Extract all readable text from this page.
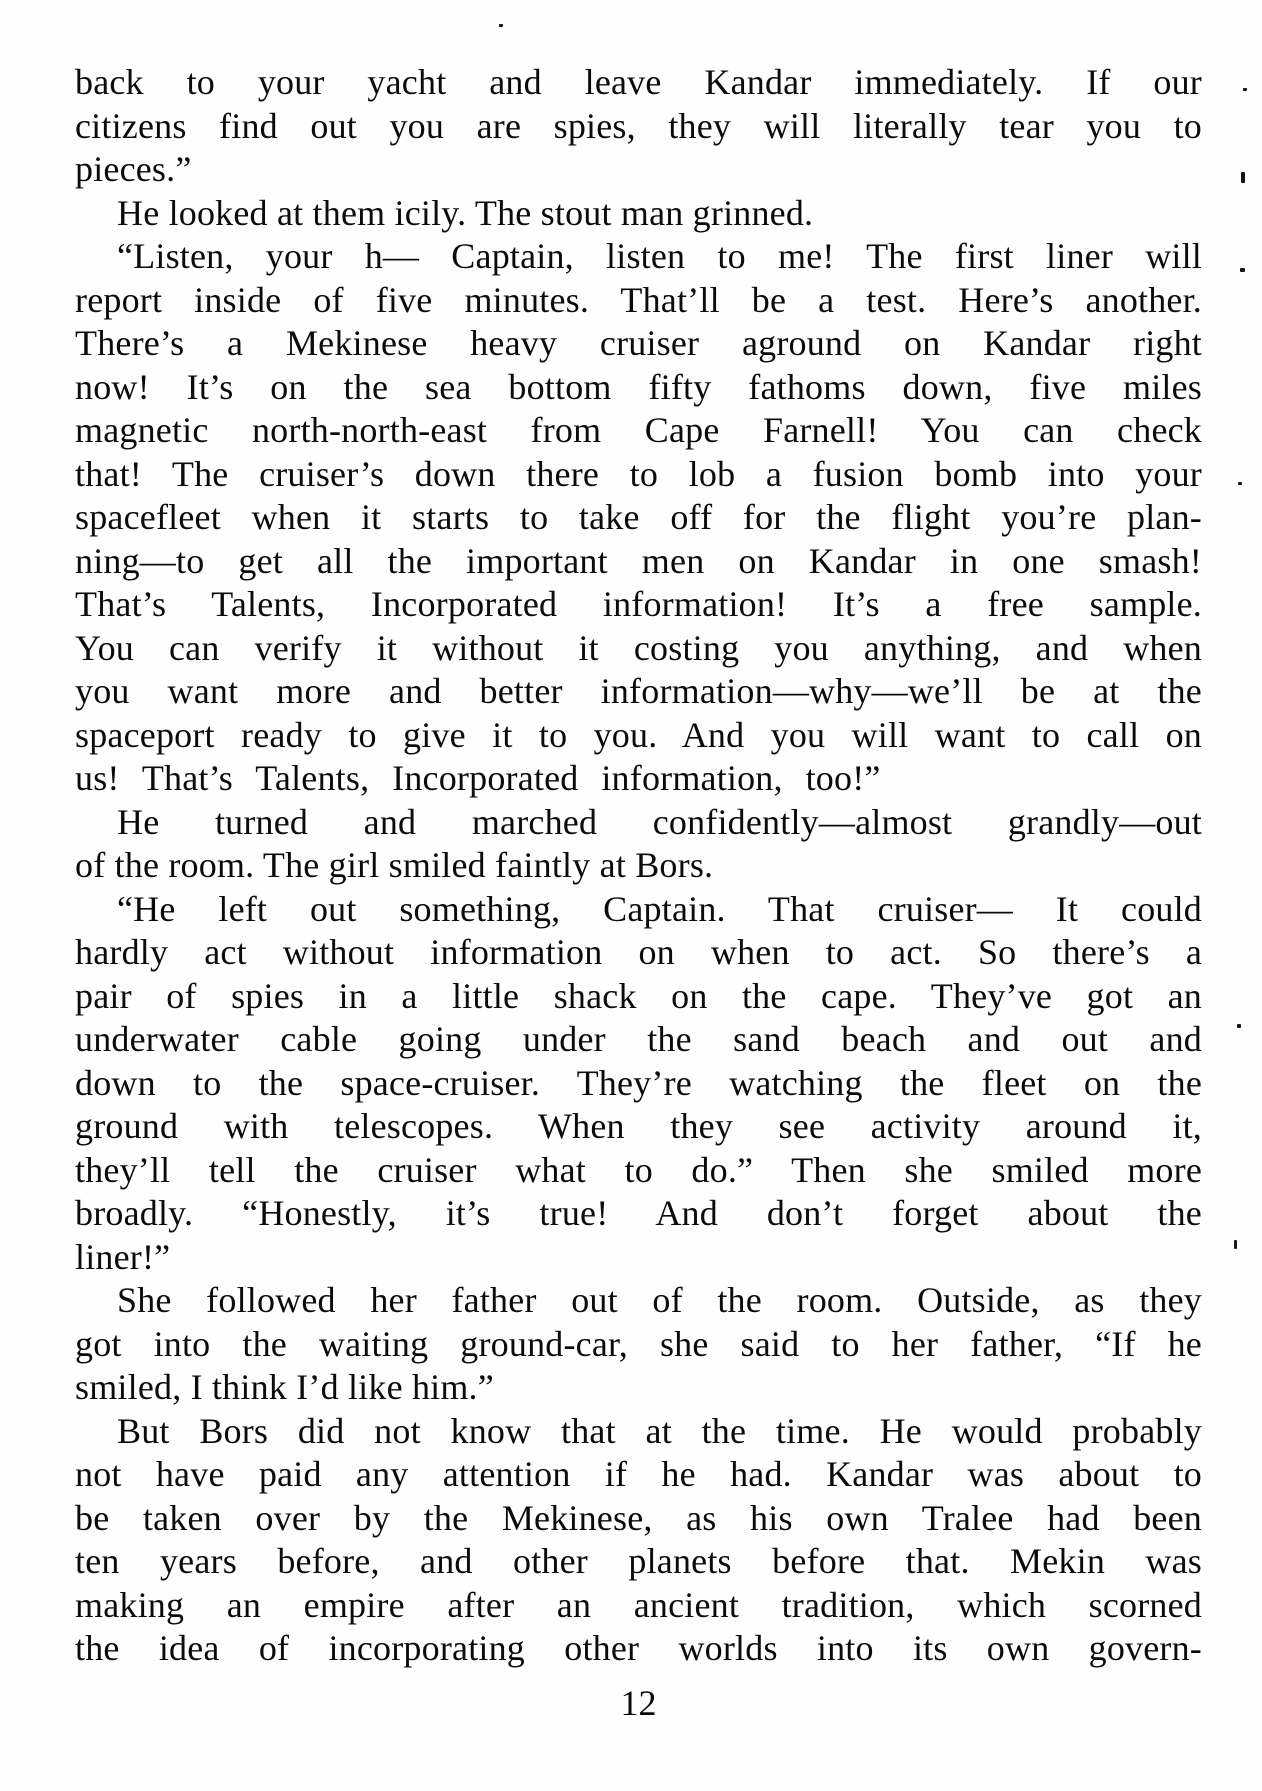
back to your yacht and leave Kandar immediately. If our
citizens find out you are spies, they will literally tear you to
pieces.”
He looked at them icily. The stout man grinned.
“Listen, your h— Captain, listen to me! The first liner will
report inside of five minutes. That’ll be a test. Here’s another.
There’s a Mekinese heavy cruiser aground on Kandar right
now! It’s on the sea bottom fifty fathoms down, five miles
magnetic north-north-east from Cape Farnell! You can check
that! The cruiser’s down there to lob a fusion bomb into your
spacefleet when it starts to take off for the flight you’re plan-
ning—to get all the important men on Kandar in one smash!
That’s Talents, Incorporated information! It’s a free sample.
You can verify it without it costing you anything, and when
you want more and better information—why—we’ll be at the
spaceport ready to give it to you. And you will want to call on
us! That’s Talents, Incorporated information, too!”
He turned and marched confidently—almost grandly—out
of the room. The girl smiled faintly at Bors.
“He left out something, Captain. That cruiser— It could
hardly act without information on when to act. So there’s a
pair of spies in a little shack on the cape. They’ve got an
underwater cable going under the sand beach and out and
down to the space-cruiser. They’re watching the fleet on the
ground with telescopes. When they see activity around it,
they’ll tell the cruiser what to do.” Then she smiled more
broadly. “Honestly, it’s true! And don’t forget about the
liner!”
She followed her father out of the room. Outside, as they
got into the waiting ground-car, she said to her father, “If he
smiled, I think I’d like him.”
But Bors did not know that at the time. He would probably
not have paid any attention if he had. Kandar was about to
be taken over by the Mekinese, as his own Tralee had been
ten years before, and other planets before that. Mekin was
making an empire after an ancient tradition, which scorned
the idea of incorporating other worlds into its own govern-
12
